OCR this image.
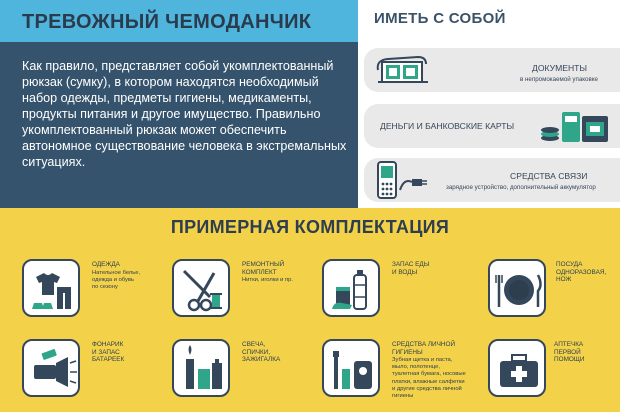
ТРЕВОЖНЫЙ ЧЕМОДАНЧИК

Как правило, представляет собой укомплектованный рюкзак (сумку), в котором находятся необходимый набор одежды, предметы гигиены, медикаменты, продукты питания и другое имущество. Правильно укомплектованный рюкзак может обеспечить автономное существование человека в экстремальных ситуациях.

ИМЕТЬ С СОБОЙ
ДОКУМЕНТЫ
в непромокаемой упаковке
ДЕНЬГИ И БАНКОВСКИЕ КАРТЫ
СРЕДСТВА СВЯЗИ
зарядное устройство, дополнительный аккумулятор
ПРИМЕРНАЯ КОМПЛЕКТАЦИЯ
ОДЕЖДА
Нательное белье,
одежда и обувь
по сезону
РЕМОНТНЫЙ
КОМПЛЕКТ
Нитки, иголки и пр.
ЗАПАС ЕДЫ
И ВОДЫ
ПОСУДА
ОДНОРАЗОВАЯ,
НОЖ
ФОНАРИК
И ЗАПАС
БАТАРЕЕК
СВЕЧА,
СПИЧКИ,
ЗАЖИГАЛКА
СРЕДСТВА ЛИЧНОЙ
ГИГИЕНЫ
Зубная щетка и паста,
мыло, полотенце,
туалетная бумага, носовые
платки, влажные салфетки
и другие средства личной
гигиены
АПТЕЧКА
ПЕРВОЙ
ПОМОЩИ
